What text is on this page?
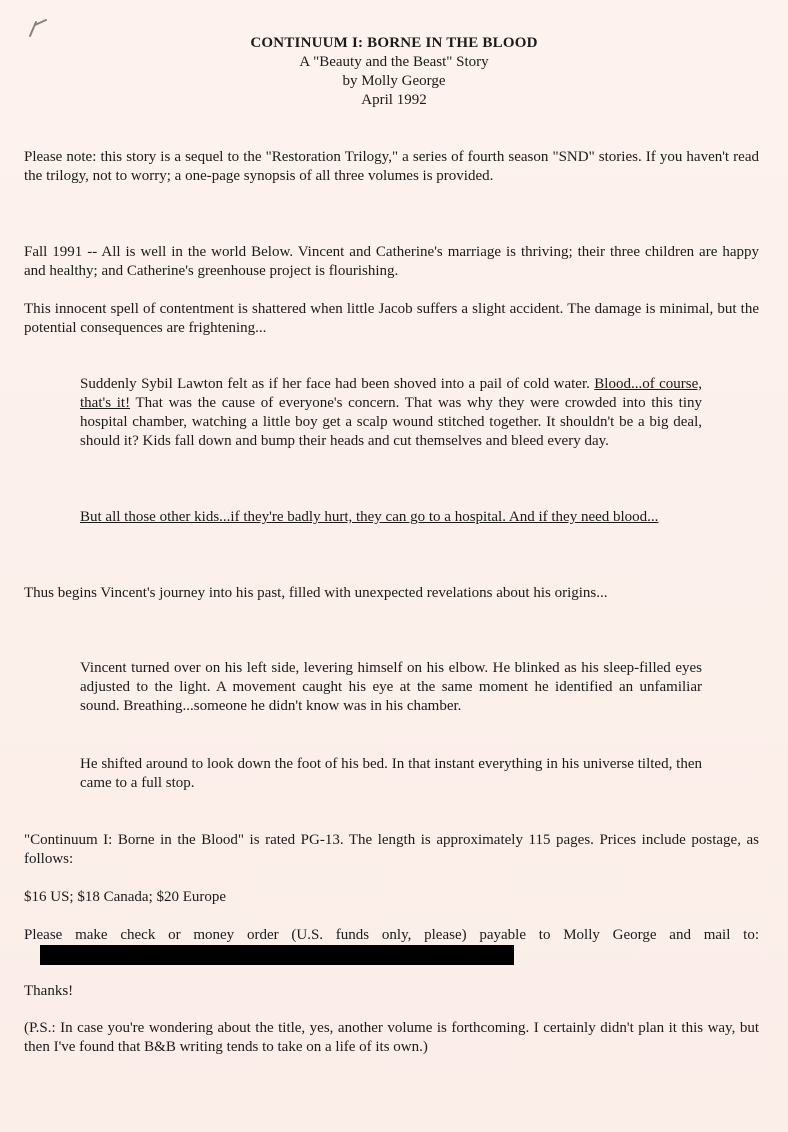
CONTINUUM I: BORNE IN THE BLOOD
A "Beauty and the Beast" Story
by Molly George
April 1992

Please note: this story is a sequel to the "Restoration Trilogy," a series of fourth season "SND" stories. If you haven't read the trilogy, not to worry; a one-page synopsis of all three volumes is provided.

Fall 1991 -- All is well in the world Below. Vincent and Catherine's marriage is thriving; their three children are happy and healthy; and Catherine's greenhouse project is flourishing.

This innocent spell of contentment is shattered when little Jacob suffers a slight accident. The damage is minimal, but the potential consequences are frightening...

Suddenly Sybil Lawton felt as if her face had been shoved into a pail of cold water. Blood...of course, that's it! That was the cause of everyone's concern. That was why they were crowded into this tiny hospital chamber, watching a little boy get a scalp wound stitched together. It shouldn't be a big deal, should it? Kids fall down and bump their heads and cut themselves and bleed every day.

But all those other kids...if they're badly hurt, they can go to a hospital. And if they need blood...

Thus begins Vincent's journey into his past, filled with unexpected revelations about his origins...

Vincent turned over on his left side, levering himself on his elbow. He blinked as his sleep-filled eyes adjusted to the light. A movement caught his eye at the same moment he identified an unfamiliar sound. Breathing...someone he didn't know was in his chamber.

He shifted around to look down the foot of his bed. In that instant everything in his universe tilted, then came to a full stop.

"Continuum I: Borne in the Blood" is rated PG-13. The length is approximately 115 pages. Prices include postage, as follows:

$16 US; $18 Canada; $20 Europe

Please make check or money order (U.S. funds only, please) payable to Molly George and mail to:

Thanks!

(P.S.: In case you're wondering about the title, yes, another volume is forthcoming. I certainly didn't plan it this way, but then I've found that B&B writing tends to take on a life of its own.)
